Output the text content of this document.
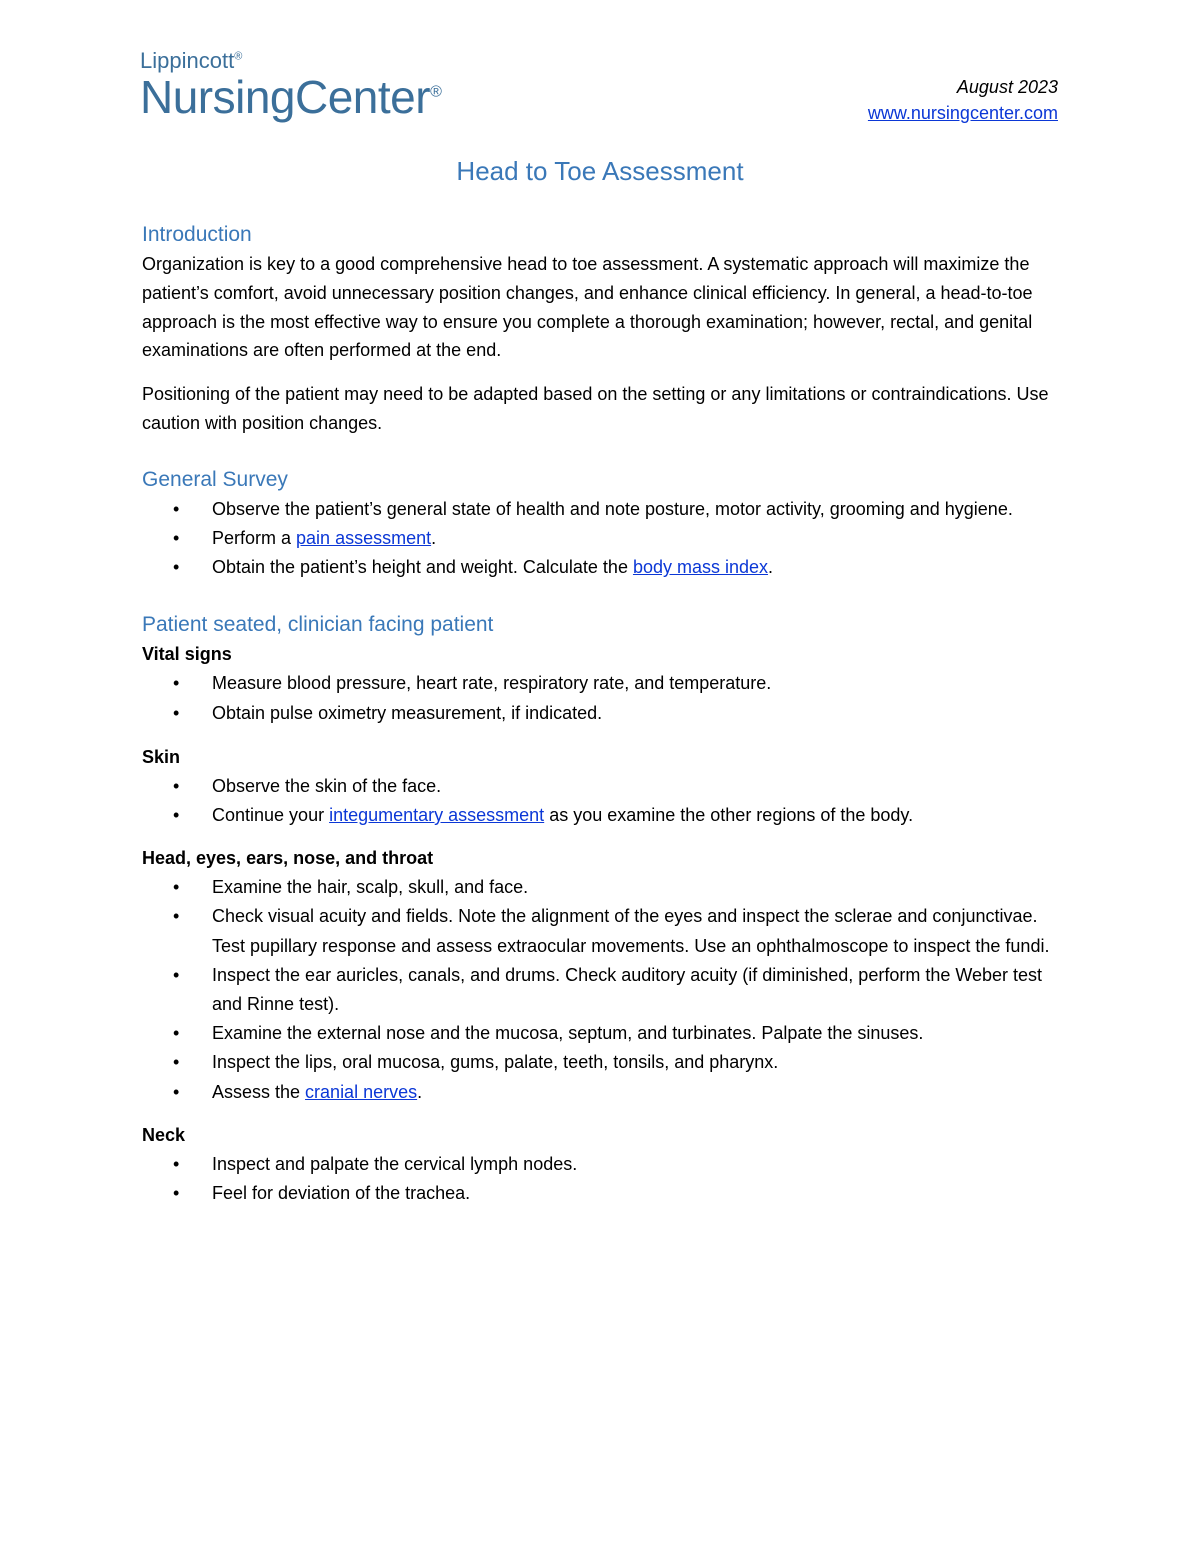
Lippincott®
NursingCenter®	August 2023
www.nursingcenter.com
Head to Toe Assessment
Introduction

Organization is key to a good comprehensive head to toe assessment. A systematic approach will maximize the patient’s comfort, avoid unnecessary position changes, and enhance clinical efficiency. In general, a head-to-toe approach is the most effective way to ensure you complete a thorough examination; however, rectal, and genital examinations are often performed at the end.

Positioning of the patient may need to be adapted based on the setting or any limitations or contraindications. Use caution with position changes.

General Survey
• Observe the patient’s general state of health and note posture, motor activity, grooming and hygiene.
• Perform a pain assessment.
• Obtain the patient’s height and weight. Calculate the body mass index.
Patient seated, clinician facing patient
Vital signs
• Measure blood pressure, heart rate, respiratory rate, and temperature.
• Obtain pulse oximetry measurement, if indicated.
Skin
• Observe the skin of the face.
• Continue your integumentary assessment as you examine the other regions of the body.
Head, eyes, ears, nose, and throat
• Examine the hair, scalp, skull, and face.
• Check visual acuity and fields. Note the alignment of the eyes and inspect the sclerae and conjunctivae. Test pupillary response and assess extraocular movements. Use an ophthalmoscope to inspect the fundi.
• Inspect the ear auricles, canals, and drums. Check auditory acuity (if diminished, perform the Weber test and Rinne test).
• Examine the external nose and the mucosa, septum, and turbinates. Palpate the sinuses.
• Inspect the lips, oral mucosa, gums, palate, teeth, tonsils, and pharynx.
• Assess the cranial nerves.
Neck
• Inspect and palpate the cervical lymph nodes.
• Feel for deviation of the trachea.
